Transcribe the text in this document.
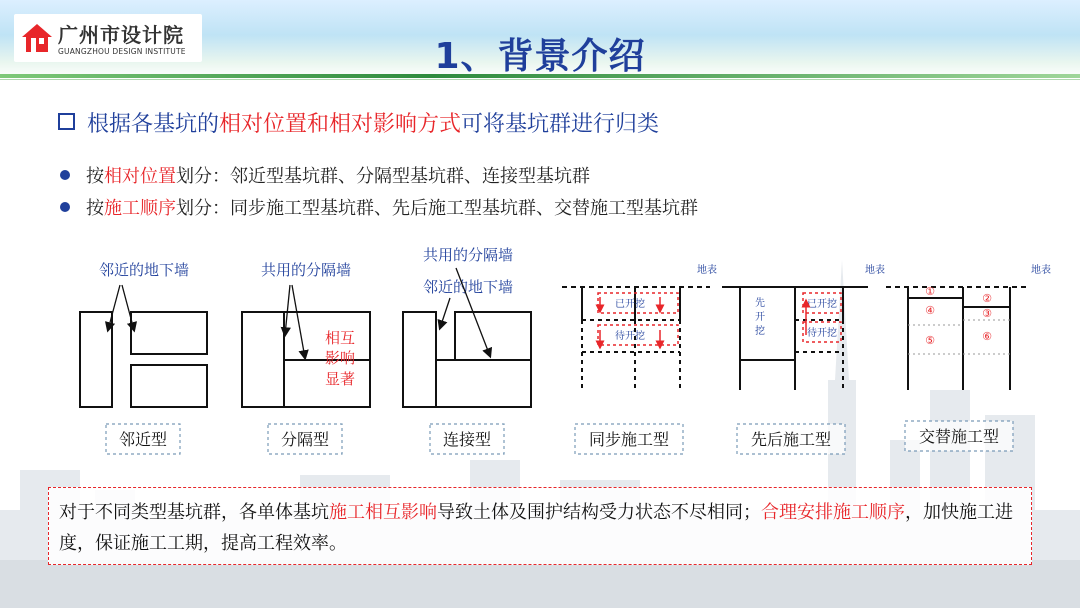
广州市设计院
GUANGZHOU DESIGN INSTITUTE	1、背景介绍
根据各基坑的相对位置和相对影响方式可将基坑群进行归类
按相对位置划分：邻近型基坑群、分隔型基坑群、连接型基坑群
按施工顺序划分：同步施工型基坑群、先后施工型基坑群、交替施工型基坑群
邻近的地下墙	共用的分隔墙
相互
影响
显著
共用的分隔墙
邻近的地下墙
地表
已开挖
待开挖
地表
先
开
挖
已开挖
待开挖
地表
①
②
③
④
⑤	⑥
邻近型	分隔型	连接型	同步施工型	先后施工型	交替施工型
对于不同类型基坑群，各单体基坑施工相互影响导致土体及围护结构受力状态不尽相同；合理安排施工顺序，加快施工进度，保证施工工期，提高工程效率。
